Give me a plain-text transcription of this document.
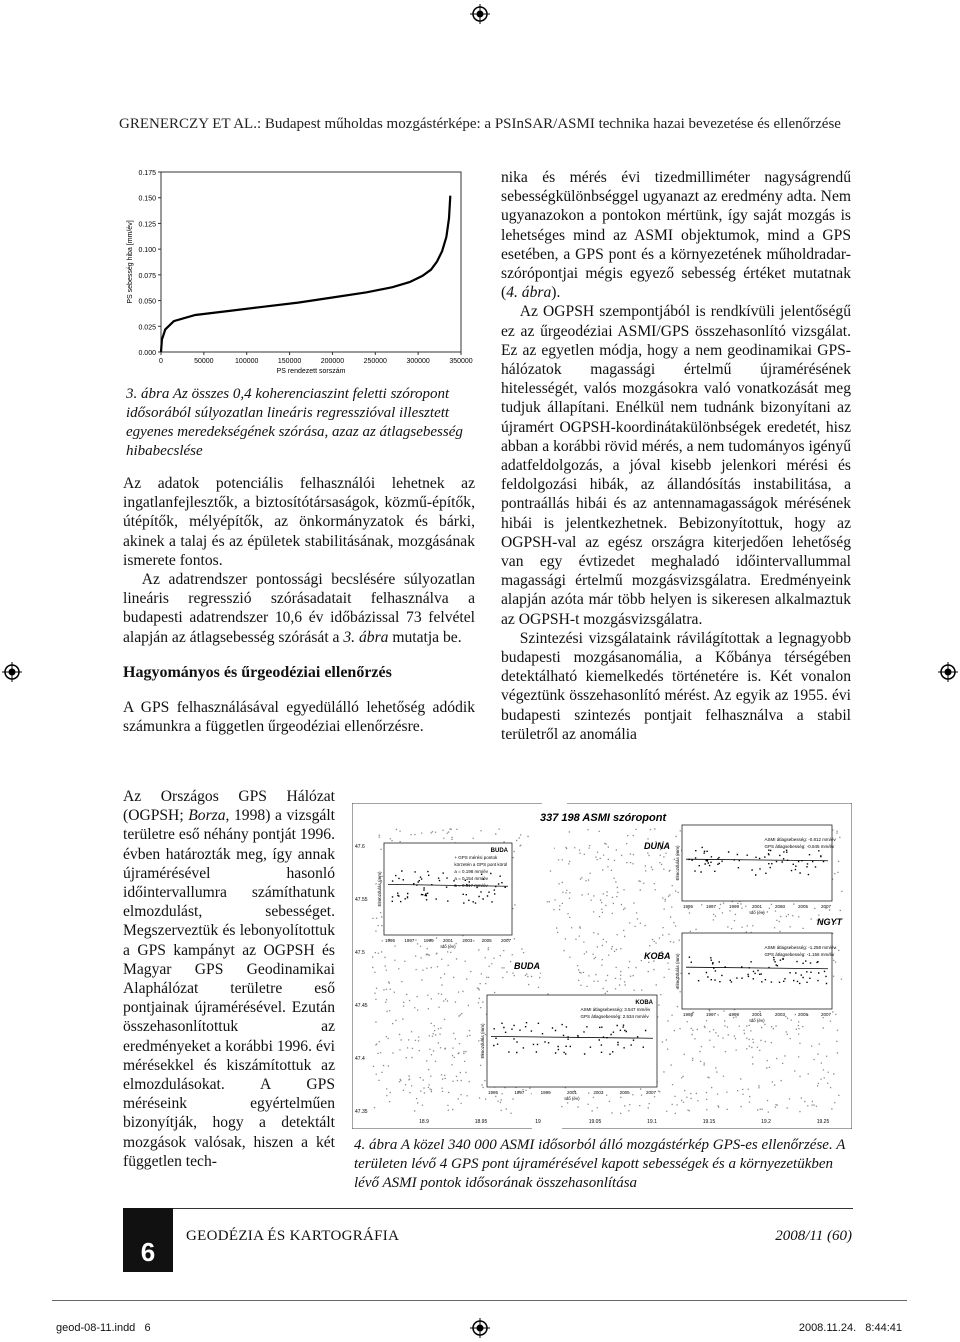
GRENERCZY ET AL.: Budapest műholdas mozgástérképe: a PSInSAR/ASMI technika hazai bevezetése és ellenőrzése
0.000
0.025
0.050
0.075
0.100
0.125
0.150
0.175
0	50000	100000	150000	200000	250000	300000	350000
PS rendezett sorszám
PS sebesség hiba [mm/év]
3. ábra Az összes 0,4 koherenciaszint feletti szóropont idősorából súlyozatlan lineáris regresszióval illesztett egyenes meredekségének szórása, azaz az átlagsebesség hibabecslése

Az adatok potenciális felhasználói lehetnek az ingatlanfejlesztők, a biztosítótársaságok, közmű-építők, útépítők, mélyépítők, az önkormányzatok és bárki, akinek a talaj és az épületek stabilitásának, mozgásának ismerete fontos.

Az adatrendszer pontossági becslésére súlyozatlan lineáris regresszió szórásadatait felhasználva a budapesti adatrendszer 10,6 év időbázissal 73 felvétel alapján az átlagsebesség szórását a 3. ábra mutatja be.

Hagyományos és űrgeodéziai ellenőrzés

A GPS felhasználásával egyedülálló lehetőség adódik számunkra a független űrgeodéziai ellenőrzésre.

Az Országos GPS Hálózat (OGPSH; Borza, 1998) a vizsgált területre eső néhány pontját 1996. évben határozták meg, így annak újramérésével hasonló időintervallumra számíthatunk elmozdulást, sebességet. Megszerveztük és lebonyolítottuk a GPS kampányt az OGPSH és Magyar GPS Geodinamikai Alaphálózat területre eső pontjainak újramérésével. Ezután összehasonlítottuk az eredményeket a korábbi 1996. évi mérésekkel és kiszámítottuk az elmozdulásokat. A GPS méréseink egyértelműen bizonyítják, hogy a detektált mozgások valósak, hiszen a két független tech-

nika és mérés évi tizedmilliméter nagyságrendű sebességkülönbséggel ugyanazt az eredmény adta. Nem ugyanazokon a pontokon mértünk, így saját mozgás is lehetséges mind az ASMI objektumok, mind a GPS esetében, a GPS pont és a környezetének műholdradar-szórópontjai mégis egyező sebesség értéket mutatnak (4. ábra).

Az OGPSH szempontjából is rendkívüli jelentőségű ez az űrgeodéziai ASMI/GPS összehasonlító vizsgálat. Ez az egyetlen módja, hogy a nem geodinamikai GPS-hálózatok magassági értelmű újramérésének hitelességét, valós mozgásokra való vonatkozását meg tudjuk állapítani. Enélkül nem tudnánk bizonyítani az újramért OGPSH-koordinátakülönbségek eredetét, hisz abban a korábbi rövid mérés, a nem tudományos igényű adatfeldolgozás, a jóval kisebb jelenkori mérési és feldolgozási hibák, az állandósítás instabilitása, a pontraállás hibái és az antennamagasságok mérésének hibái is jelentkezhetnek. Bebizonyítottuk, hogy az OGPSH-val az egész országra kiterjedően lehetőség van egy évtizedet meghaladó időintervallummal magassági értelmű mozgásvizsgálatra. Eredményeink alapján azóta már több helyen is sikeresen alkalmaztuk az OGPSH-t mozgásvizsgálatra.

Szintezési vizsgálataink rávilágítottak a legnagyobb budapesti mozgásanomália, a Kőbánya térségében detektálható kiemelkedés történetére is. Két vonalon végeztünk összehasonlító mérést. Az egyik az 1955. évi budapesti szintezés pontjait felhasználva a stabil területről az anomália

337 198 ASMI szóropont
DUNA
NGYT
KOBA
BUDA
BUDA
+ GPS mérési pontok
körzetén a GPS pont körül
a = 0.198 mm/év
a = 0.154 mm/év
a = 0.117 mm/év
1995 1997 1999 2001 2003 2005 2007
Idő (év)
Elmozdulás (mm)
ASMI átlagsebesség: -0.812 mm/év
GPS átlagsebesség: -0.845 mm/év
1995	1997	1999	2001	2003	2005	2007
Idő (év)
Elmozdulás (mm)
ASMI átlagsebesség: -1.258 mm/év
GPS átlagsebesség: -1.156 mm/év
1995	1997	1999	2001	2003	2005	2007
Idő (év)
Elmozdulás (mm)
KOBA
ASMI átlagsebesség: 3.547 mm/év
GPS átlagsebesség: 2.534 mm/év
1995	1997	1999	2001	2003	2005	2007
Idő (év)
Elmozdulás (mm)
47.6
47.55
47.5
47.45
47.4
47.35
18.9	18.95	19	19.05	19.1	19.15	19.2	19.25
4. ábra A közel 340 000 ASMI idősorból álló mozgástérkép GPS-es ellenőrzése. A területen lévő 4 GPS pont újramérésével kapott sebességek és a környezetükben lévő ASMI pontok idősorának összehasonlítása
6
GEODÉZIA ÉS KARTOGRÁFIA	2008/11 (60)
geod-08-11.indd   6	2008.11.24.   8:44:41
